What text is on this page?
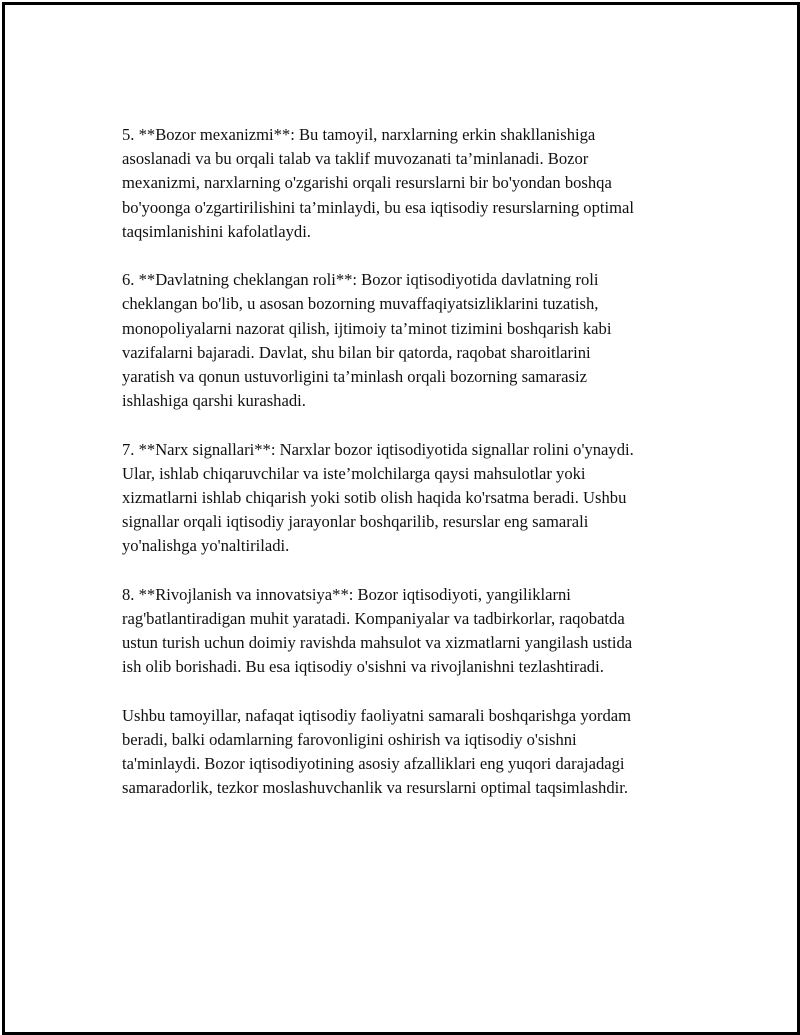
5. **Bozor mexanizmi**: Bu tamoyil, narxlarning erkin shakllanishiga
asoslanadi va bu orqali talab va taklif muvozanati ta’minlanadi. Bozor
mexanizmi, narxlarning o'zgarishi orqali resurslarni bir bo'yondan boshqa
bo'yoonga o'zgartirilishini ta’minlaydi, bu esa iqtisodiy resurslarning optimal
taqsimlanishini kafolatlaydi.

6. **Davlatning cheklangan roli**: Bozor iqtisodiyotida davlatning roli
cheklangan bo'lib, u asosan bozorning muvaffaqiyatsizliklarini tuzatish,
monopoliyalarni nazorat qilish, ijtimoiy ta’minot tizimini boshqarish kabi
vazifalarni bajaradi. Davlat, shu bilan bir qatorda, raqobat sharoitlarini
yaratish va qonun ustuvorligini ta’minlash orqali bozorning samarasiz
ishlashiga qarshi kurashadi.

7. **Narx signallari**: Narxlar bozor iqtisodiyotida signallar rolini o'ynaydi.
Ular, ishlab chiqaruvchilar va iste’molchilarga qaysi mahsulotlar yoki
xizmatlarni ishlab chiqarish yoki sotib olish haqida ko'rsatma beradi. Ushbu
signallar orqali iqtisodiy jarayonlar boshqarilib, resurslar eng samarali
yo'nalishga yo'naltiriladi.

8. **Rivojlanish va innovatsiya**: Bozor iqtisodiyoti, yangiliklarni
rag'batlantiradigan muhit yaratadi. Kompaniyalar va tadbirkorlar, raqobatda
ustun turish uchun doimiy ravishda mahsulot va xizmatlarni yangilash ustida
ish olib borishadi. Bu esa iqtisodiy o'sishni va rivojlanishni tezlashtiradi.

Ushbu tamoyillar, nafaqat iqtisodiy faoliyatni samarali boshqarishga yordam
beradi, balki odamlarning farovonligini oshirish va iqtisodiy o'sishni
ta'minlaydi. Bozor iqtisodiyotining asosiy afzalliklari eng yuqori darajadagi
samaradorlik, tezkor moslashuvchanlik va resurslarni optimal taqsimlashdir.
